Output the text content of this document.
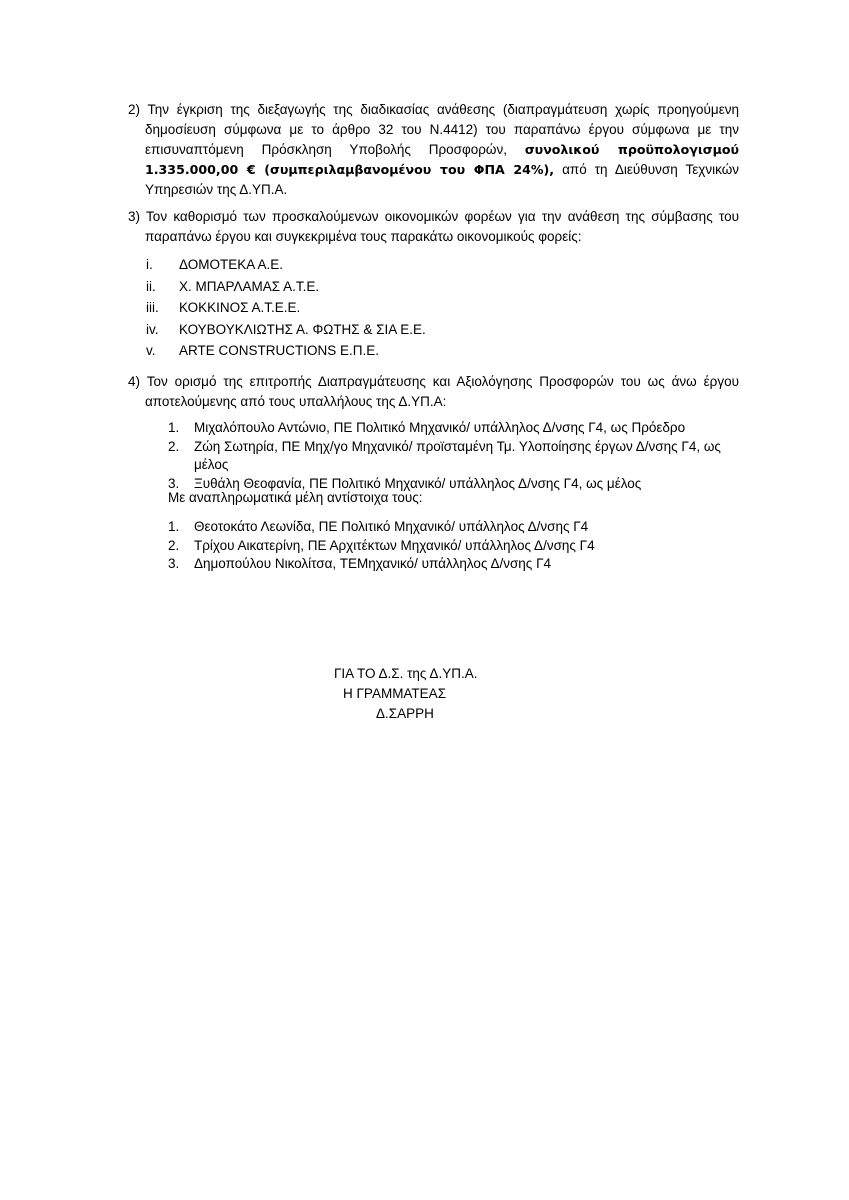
2) Την έγκριση της διεξαγωγής της διαδικασίας ανάθεσης (διαπραγμάτευση χωρίς προηγούμενη δημοσίευση σύμφωνα με το άρθρο 32 του Ν.4412) του παραπάνω έργου σύμφωνα με την επισυναπτόμενη Πρόσκληση Υποβολής Προσφορών, συνολικού προϋπολογισμού 1.335.000,00 € (συμπεριλαμβανομένου του ΦΠΑ 24%), από τη Διεύθυνση Τεχνικών Υπηρεσιών της Δ.ΥΠ.Α.
3) Τον καθορισμό των προσκαλούμενων οικονομικών φορέων για την ανάθεση της σύμβασης του παραπάνω έργου και συγκεκριμένα τους παρακάτω οικονομικούς φορείς:
i.	ΔΟΜΟΤΕΚΑ Α.Ε.
ii.	Χ. ΜΠΑΡΛΑΜΑΣ Α.Τ.Ε.
iii.	ΚΟΚΚΙΝΟΣ Α.Τ.Ε.Ε.
iv.	ΚΟΥΒΟΥΚΛΙΩΤΗΣ Α. ΦΩΤΗΣ & ΣΙΑ Ε.Ε.
v.	ARTE CONSTRUCTIONS Ε.Π.Ε.
4) Τον ορισμό της επιτροπής Διαπραγμάτευσης και Αξιολόγησης Προσφορών του ως άνω έργου αποτελούμενης από τους υπαλλήλους της Δ.ΥΠ.Α:
1. Μιχαλόπουλο Αντώνιο, ΠΕ Πολιτικό Μηχανικό/ υπάλληλος Δ/νσης Γ4, ως Πρόεδρο
2. Ζώη Σωτηρία, ΠΕ Μηχ/γο Μηχανικό/ προϊσταμένη Τμ. Υλοποίησης έργων Δ/νσης Γ4, ως μέλος
3. Ξυθάλη Θεοφανία, ΠΕ Πολιτικό Μηχανικό/ υπάλληλος Δ/νσης Γ4, ως μέλος
Με αναπληρωματικά μέλη αντίστοιχα τους:
1. Θεοτοκάτο Λεωνίδα, ΠΕ Πολιτικό Μηχανικό/ υπάλληλος Δ/νσης Γ4
2. Τρίχου Αικατερίνη, ΠΕ Αρχιτέκτων Μηχανικό/ υπάλληλος Δ/νσης Γ4
3. Δημοπούλου Νικολίτσα, ΤΕΜηχανικό/ υπάλληλος Δ/νσης Γ4
ΓΙΑ ΤΟ Δ.Σ. της Δ.ΥΠ.Α.
Η ΓΡΑΜΜΑΤΕΑΣ
Δ.ΣΑΡΡΗ
